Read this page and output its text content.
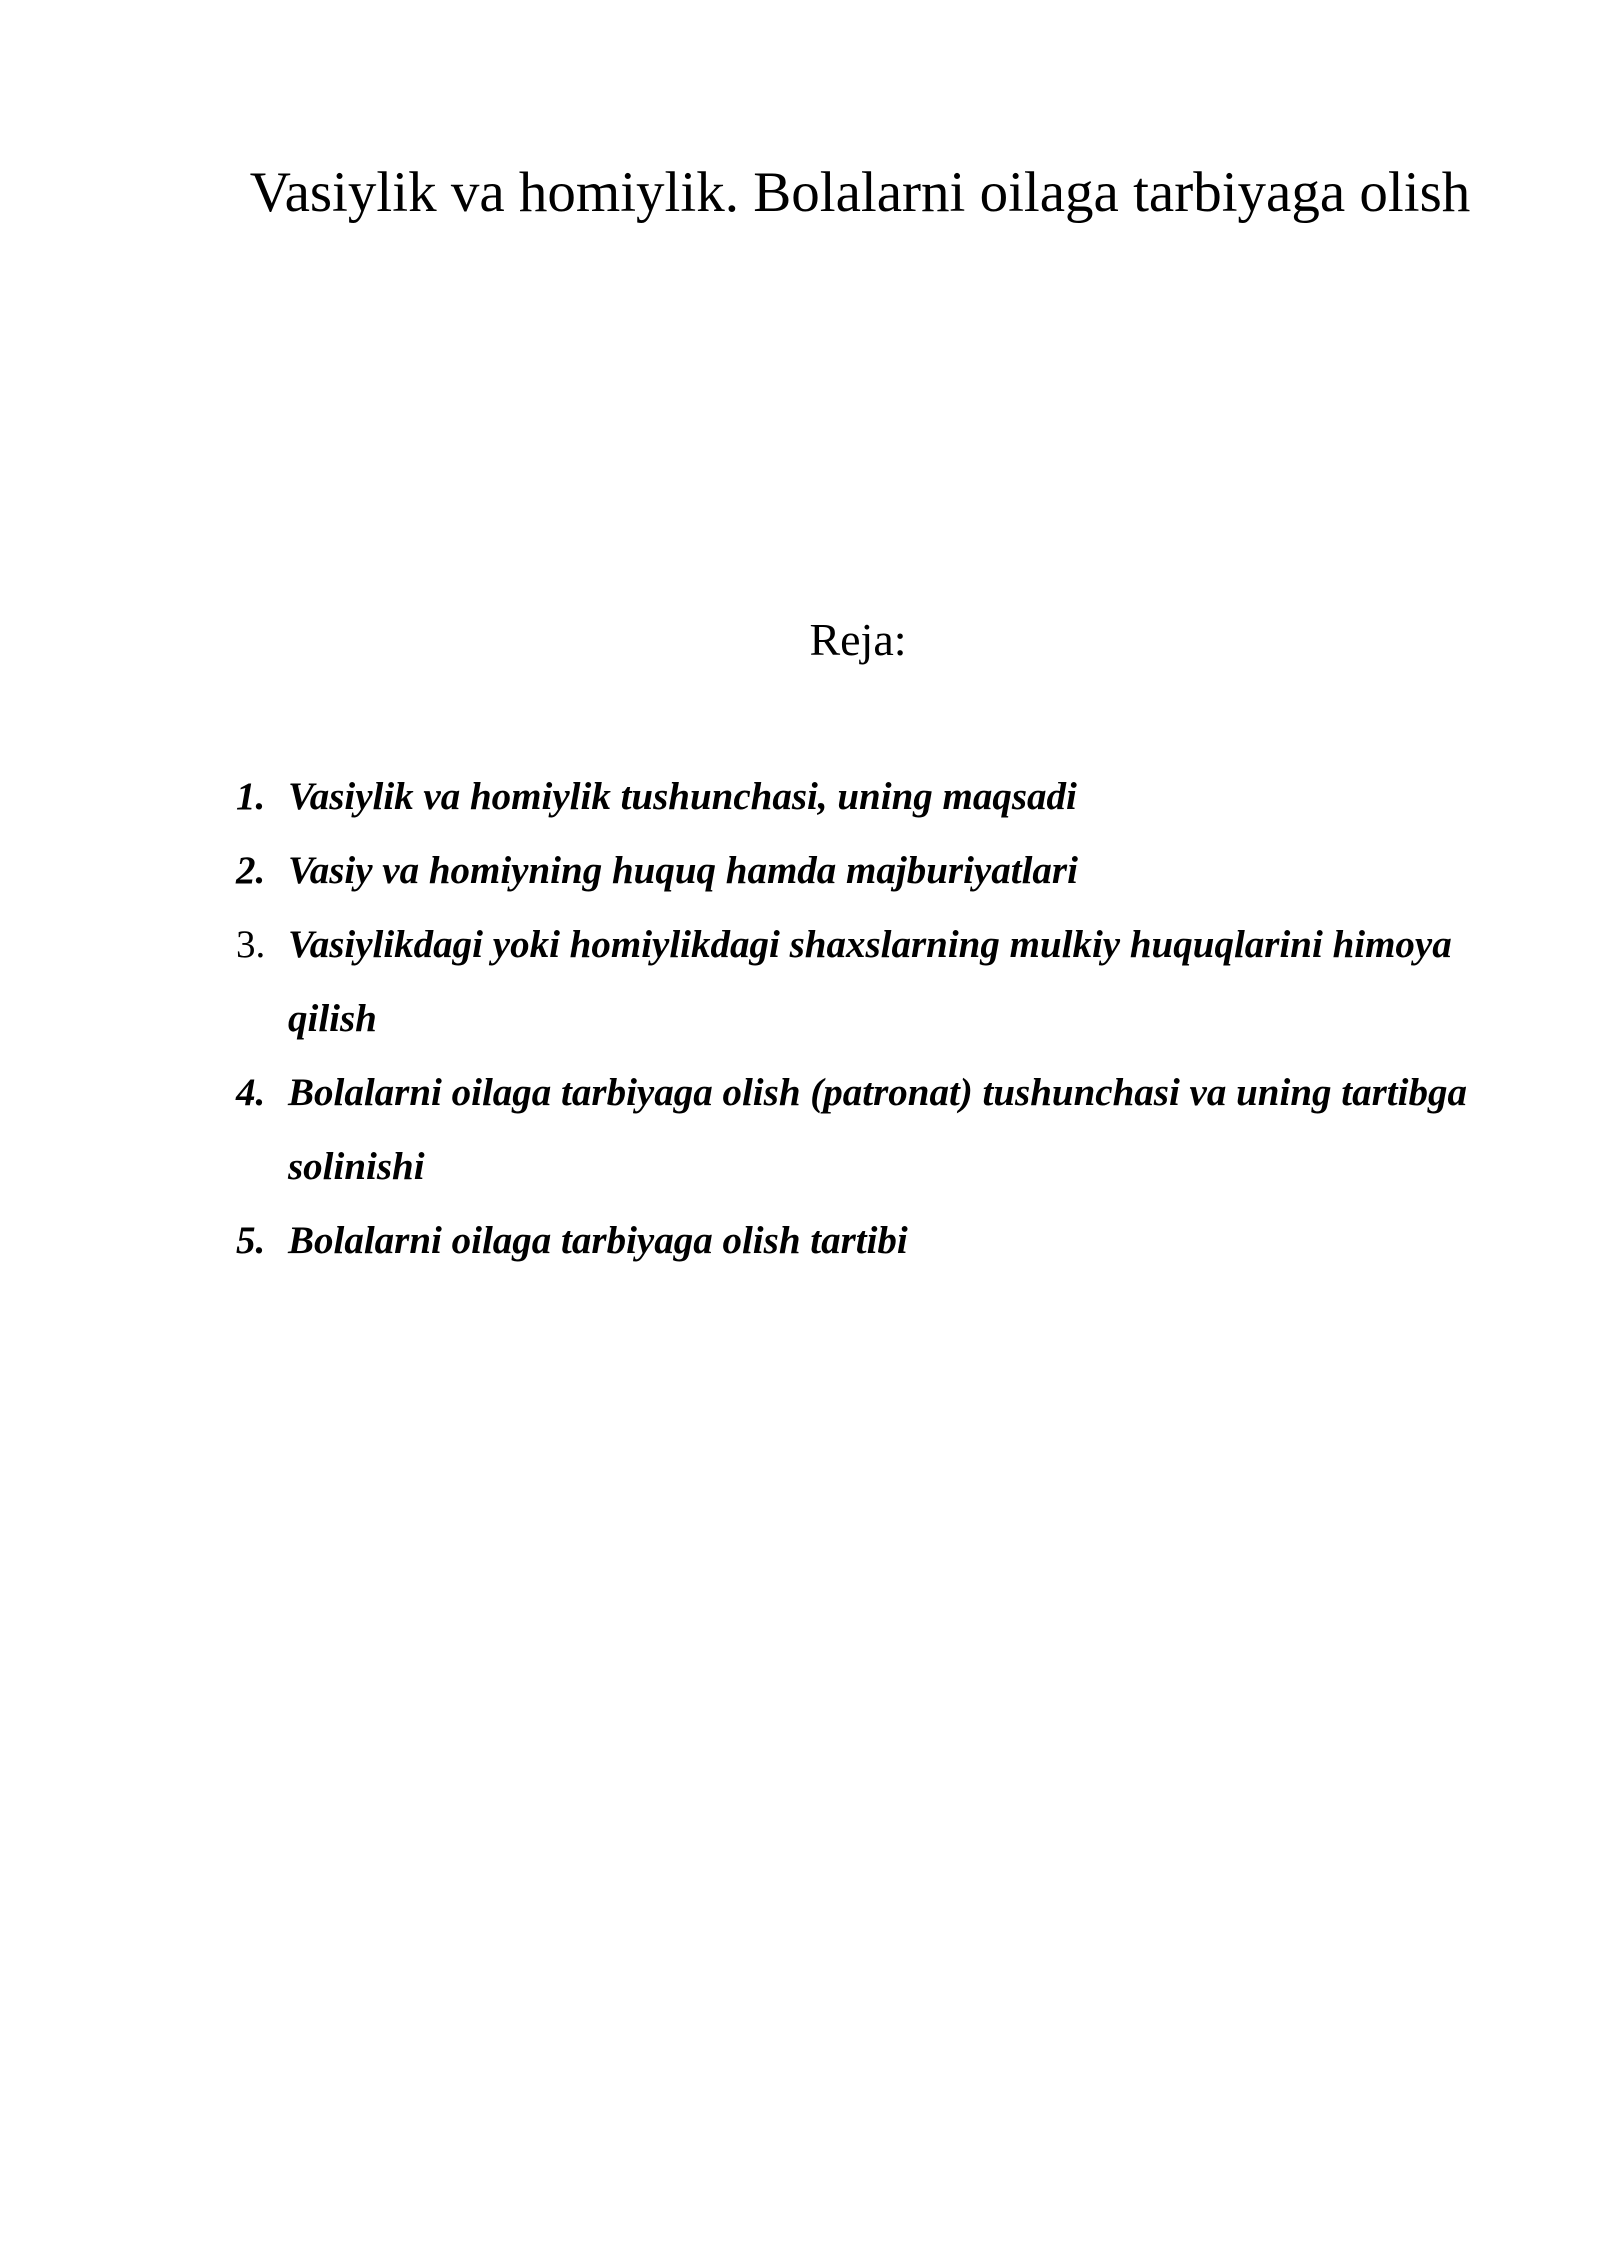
Vasiylik va homiylik. Bolalarni oilaga tarbiyaga olish
Reja:
1. Vasiylik va homiylik tushunchasi, uning maqsadi
2. Vasiy va homiyning huquq hamda majburiyatlari
3. Vasiylikdagi yoki homiylikdagi shaxslarning mulkiy huquqlarini himoya qilish
4. Bolalarni oilaga tarbiyaga olish (patronat) tushunchasi va uning tartibga solinishi
5. Bolalarni oilaga tarbiyaga olish tartibi
